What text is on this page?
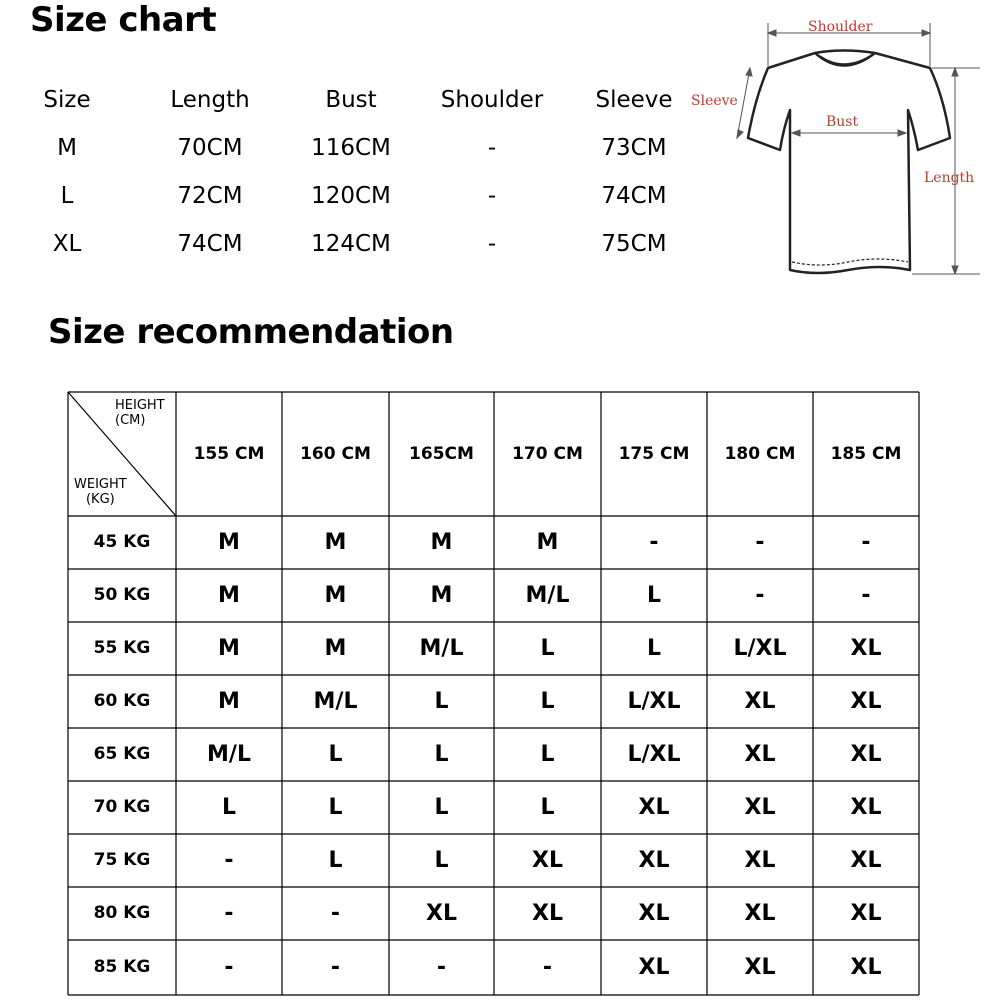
Size chart
Size	Length	Bust	Shoulder	Sleeve
M	70CM	116CM	-	73CM
L	72CM	120CM	-	74CM
XL	74CM	124CM	-	75CM
Shoulder
Bust
Length
Sleeve
Size recommendation
HEIGHT
(CM)
WEIGHT
(KG)
155 CM	160 CM	165CM	170 CM	175 CM	180 CM	185 CM
45 KG	M	M	M	M	-	-	-
50 KG	M	M	M	M/L	L	-	-
55 KG	M	M	M/L	L	L	L/XL	XL
60 KG	M	M/L	L	L	L/XL	XL	XL
65 KG	M/L	L	L	L	L/XL	XL	XL
70 KG	L	L	L	L	XL	XL	XL
75 KG	-	L	L	XL	XL	XL	XL
80 KG	-	-	XL	XL	XL	XL	XL
85 KG	-	-	-	-	XL	XL	XL
